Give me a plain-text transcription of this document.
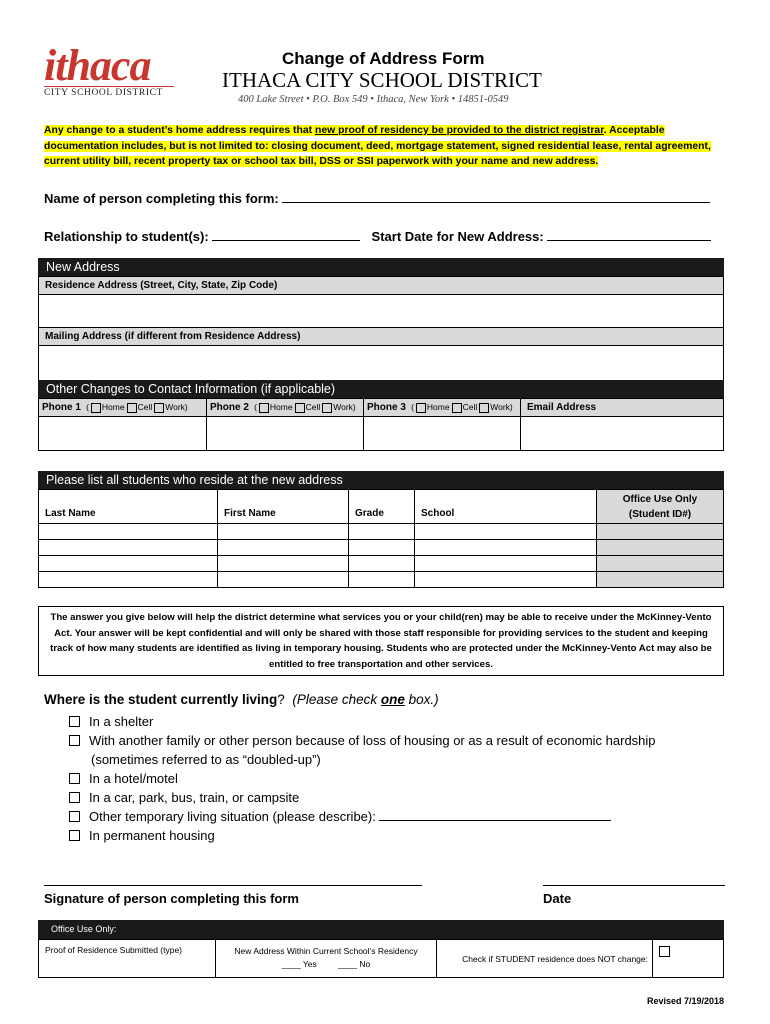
ithaca
CITY SCHOOL DISTRICT
Change of Address Form
ITHACA CITY SCHOOL DISTRICT
400 Lake Street • P.O. Box 549 • Ithaca, New York • 14851-0549
Any change to a student’s home address requires that new proof of residency be provided to the district registrar. Acceptable documentation includes, but is not limited to: closing document, deed, mortgage statement, signed residential lease, rental agreement, current utility bill, recent property tax or school tax bill, DSS or SSI paperwork with your name and new address.
Name of person completing this form:
Relationship to student(s):	Start Date for New Address:
New Address
Residence Address (Street, City, State, Zip Code)
Mailing Address (if different from Residence Address)
Other Changes to Contact Information (if applicable)
Phone 1 ( Home Cell Work)	Phone 2 ( Home Cell Work)	Phone 3 ( Home Cell Work)	Email Address

Please list all students who reside at the new address
Last Name	First Name	Grade	School	Office Use Only
(Student ID#)

The answer you give below will help the district determine what services you or your child(ren) may be able to receive under the McKinney-Vento Act. Your answer will be kept confidential and will only be shared with those staff responsible for providing services to the student and keeping track of how many students are identified as living in temporary housing. Students who are protected under the McKinney-Vento Act may also be entitled to free transportation and other services.
Where is the student currently living? (Please check one box.)
In a shelter
With another family or other person because of loss of housing or as a result of economic hardship
(sometimes referred to as “doubled-up”)
In a hotel/motel
In a car, park, bus, train, or campsite
Other temporary living situation (please describe):
In permanent housing
Signature of person completing this form	Date
Office Use Only:
Proof of Residence Submitted (type)	New Address Within Current School’s Residency
____ Yes	____ No
	Check if STUDENT residence does NOT change:	
Revised 7/19/2018
